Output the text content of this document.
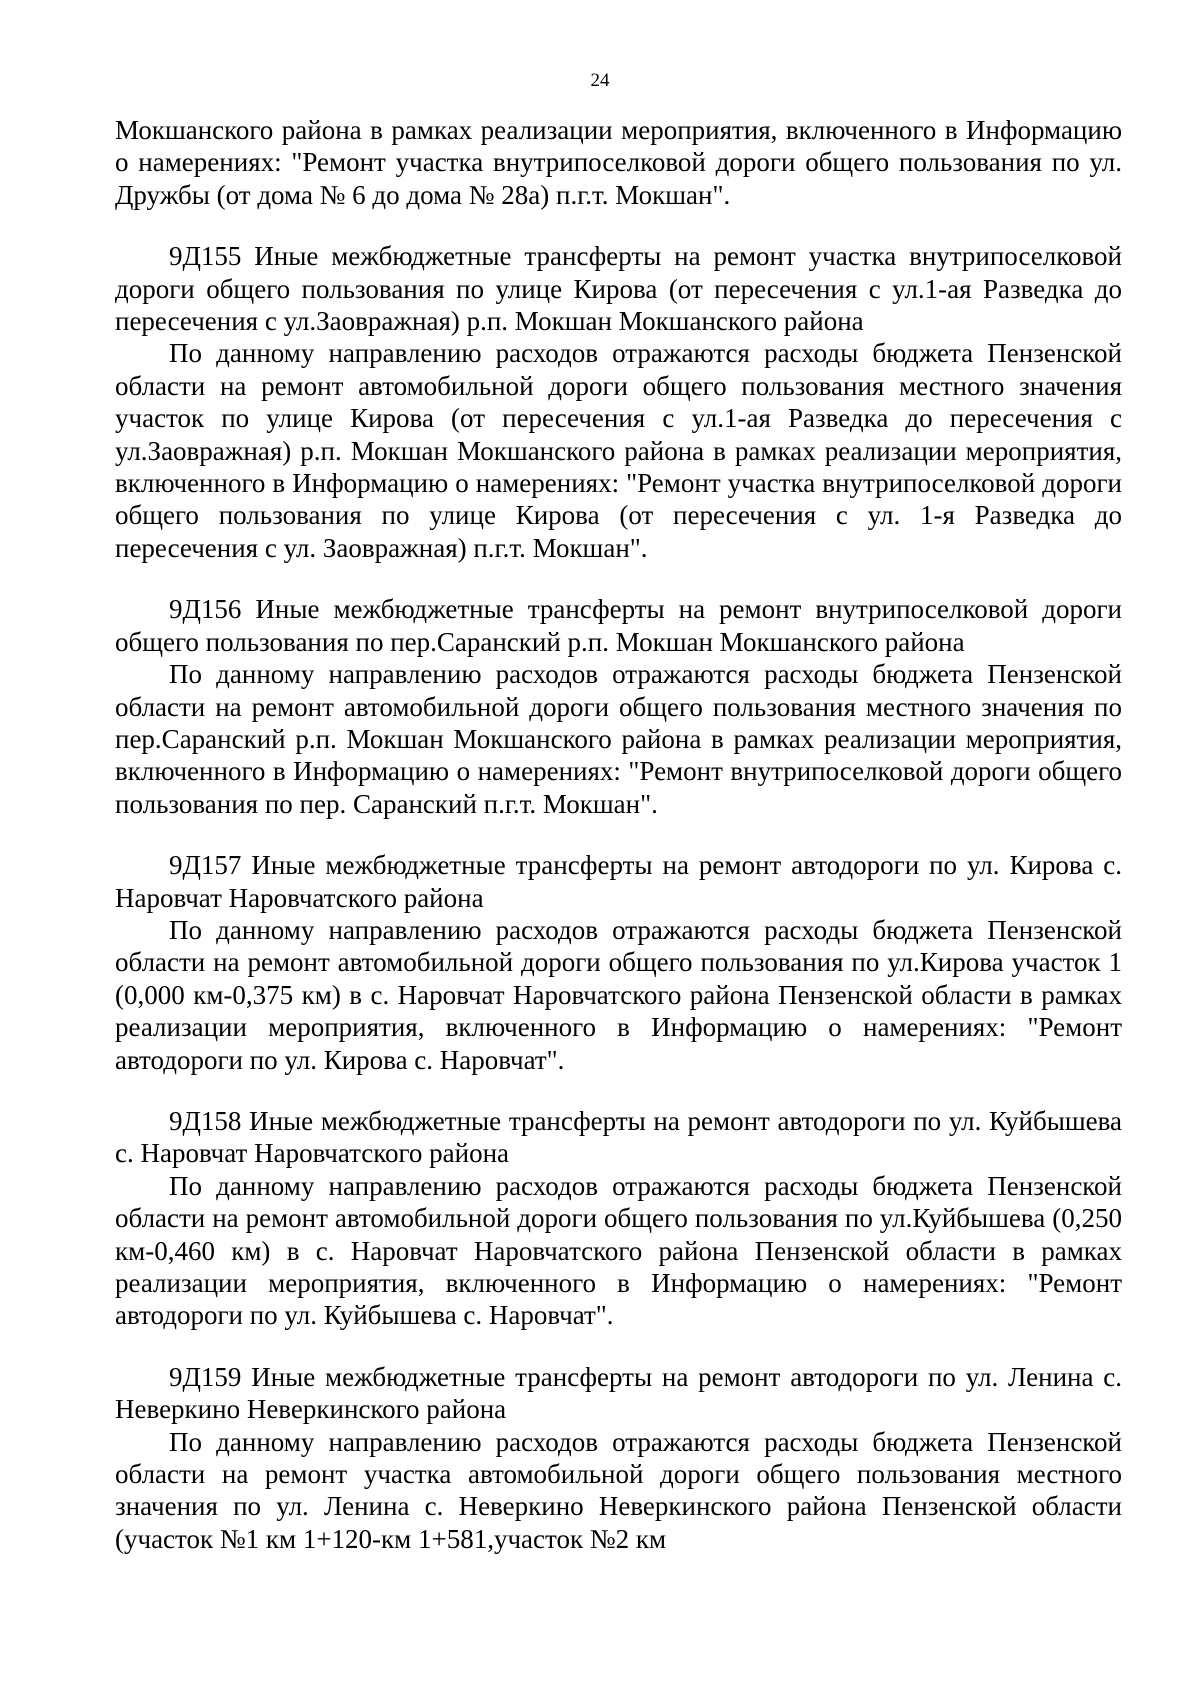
24

Мокшанского района в рамках реализации мероприятия, включенного в Информацию о намерениях: "Ремонт участка внутрипоселковой дороги общего пользования по ул. Дружбы (от дома № 6 до дома № 28а) п.г.т. Мокшан".

9Д155 Иные межбюджетные трансферты на ремонт участка внутрипоселковой дороги общего пользования по улице Кирова (от пересечения с ул.1-ая Разведка до пересечения с ул.Заовражная) р.п. Мокшан Мокшанского района

По данному направлению расходов отражаются расходы бюджета Пензенской области на ремонт автомобильной дороги общего пользования местного значения участок по улице Кирова (от пересечения с ул.1-ая Разведка до пересечения с ул.Заовражная) р.п. Мокшан Мокшанского района в рамках реализации мероприятия, включенного в Информацию о намерениях: "Ремонт участка внутрипоселковой дороги общего пользования по улице Кирова (от пересечения с ул. 1-я Разведка до пересечения с ул. Заовражная) п.г.т. Мокшан".

9Д156 Иные межбюджетные трансферты на ремонт внутрипоселковой дороги общего пользования по пер.Саранский р.п. Мокшан Мокшанского района

По данному направлению расходов отражаются расходы бюджета Пензенской области на ремонт автомобильной дороги общего пользования местного значения по пер.Саранский р.п. Мокшан Мокшанского района в рамках реализации мероприятия, включенного в Информацию о намерениях: "Ремонт внутрипоселковой дороги общего пользования по пер. Саранский п.г.т. Мокшан".

9Д157 Иные межбюджетные трансферты на ремонт автодороги по ул. Кирова с. Наровчат Наровчатского района

По данному направлению расходов отражаются расходы бюджета Пензенской области на ремонт автомобильной дороги общего пользования по ул.Кирова участок 1 (0,000 км-0,375 км) в с. Наровчат Наровчатского района Пензенской области в рамках реализации мероприятия, включенного в Информацию о намерениях: "Ремонт автодороги по ул. Кирова с. Наровчат".

9Д158 Иные межбюджетные трансферты на ремонт автодороги по ул. Куйбышева с. Наровчат Наровчатского района

По данному направлению расходов отражаются расходы бюджета Пензенской области на ремонт автомобильной дороги общего пользования по ул.Куйбышева (0,250 км-0,460 км) в с. Наровчат Наровчатского района Пензенской области в рамках реализации мероприятия, включенного в Информацию о намерениях: "Ремонт автодороги по ул. Куйбышева с. Наровчат".

9Д159 Иные межбюджетные трансферты на ремонт автодороги по ул. Ленина с. Неверкино Неверкинского района

По данному направлению расходов отражаются расходы бюджета Пензенской области на ремонт участка автомобильной дороги общего пользования местного значения по ул. Ленина с. Неверкино Неверкинского района Пензенской области (участок №1 км 1+120-км 1+581,участок №2 км
